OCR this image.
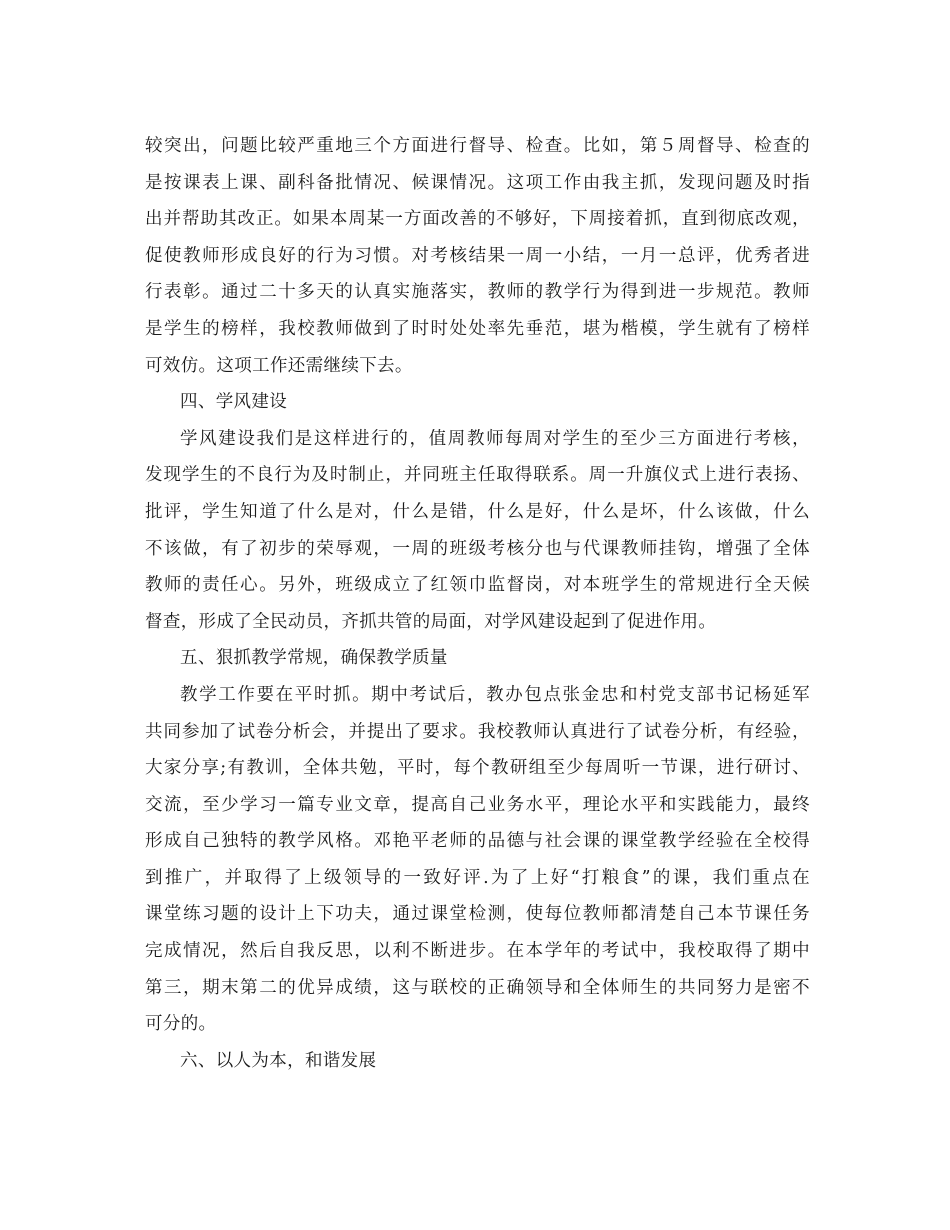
较突出，问题比较严重地三个方面进行督导、检查。比如，第５周督导、检查的
是按课表上课、副科备批情况、候课情况。这项工作由我主抓，发现问题及时指
出并帮助其改正。如果本周某一方面改善的不够好，下周接着抓，直到彻底改观，
促使教师形成良好的行为习惯。对考核结果一周一小结，一月一总评，优秀者进
行表彰。通过二十多天的认真实施落实，教师的教学行为得到进一步规范。教师
是学生的榜样，我校教师做到了时时处处率先垂范，堪为楷模，学生就有了榜样
可效仿。这项工作还需继续下去。
四、学风建设
学风建设我们是这样进行的，值周教师每周对学生的至少三方面进行考核，
发现学生的不良行为及时制止，并同班主任取得联系。周一升旗仪式上进行表扬、
批评，学生知道了什么是对，什么是错，什么是好，什么是坏，什么该做，什么
不该做，有了初步的荣辱观，一周的班级考核分也与代课教师挂钩，增强了全体
教师的责任心。另外，班级成立了红领巾监督岗，对本班学生的常规进行全天候
督查，形成了全民动员，齐抓共管的局面，对学风建设起到了促进作用。
五、狠抓教学常规，确保教学质量
教学工作要在平时抓。期中考试后，教办包点张金忠和村党支部书记杨延军
共同参加了试卷分析会，并提出了要求。我校教师认真进行了试卷分析，有经验，
大家分享;有教训，全体共勉，平时，每个教研组至少每周听一节课，进行研讨、
交流，至少学习一篇专业文章，提高自己业务水平，理论水平和实践能力，最终
形成自己独特的教学风格。邓艳平老师的品德与社会课的课堂教学经验在全校得
到推广，并取得了上级领导的一致好评.为了上好“打粮食”的课，我们重点在
课堂练习题的设计上下功夫，通过课堂检测，使每位教师都清楚自己本节课任务
完成情况，然后自我反思，以利不断进步。在本学年的考试中，我校取得了期中
第三，期末第二的优异成绩，这与联校的正确领导和全体师生的共同努力是密不
可分的。
六、以人为本，和谐发展
